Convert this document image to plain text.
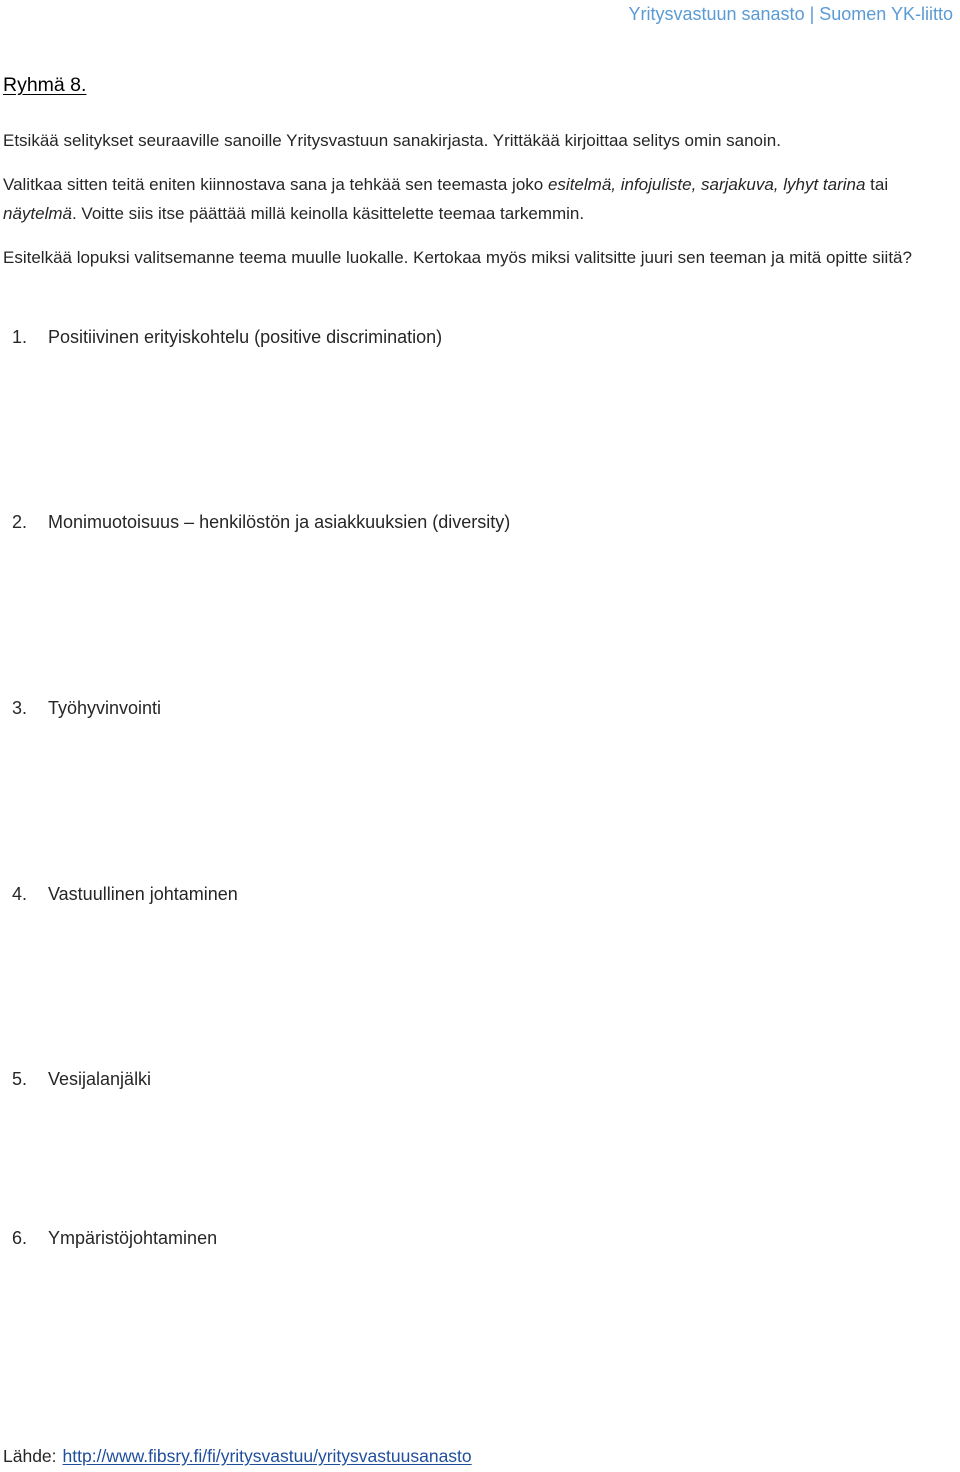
Yritysvastuun sanasto | Suomen YK-liitto
Ryhmä 8.

Etsikää selitykset seuraaville sanoille Yritysvastuun sanakirjasta. Yrittäkää kirjoittaa selitys omin sanoin.

Valitkaa sitten teitä eniten kiinnostava sana ja tehkää sen teemasta joko esitelmä, infojuliste, sarjakuva, lyhyt tarina tai näytelmä. Voitte siis itse päättää millä keinolla käsittelette teemaa tarkemmin.

Esitelkää lopuksi valitsemanne teema muulle luokalle. Kertokaa myös miksi valitsitte juuri sen teeman ja mitä opitte siitä?

1. Positiivinen erityiskohtelu (positive discrimination)
2. Monimuotoisuus – henkilöstön ja asiakkuuksien (diversity)
3. Työhyvinvointi
4. Vastuullinen johtaminen
5. Vesijalanjälki
6. Ympäristöjohtaminen
Lähde: http://www.fibsry.fi/fi/yritysvastuu/yritysvastuusanasto
